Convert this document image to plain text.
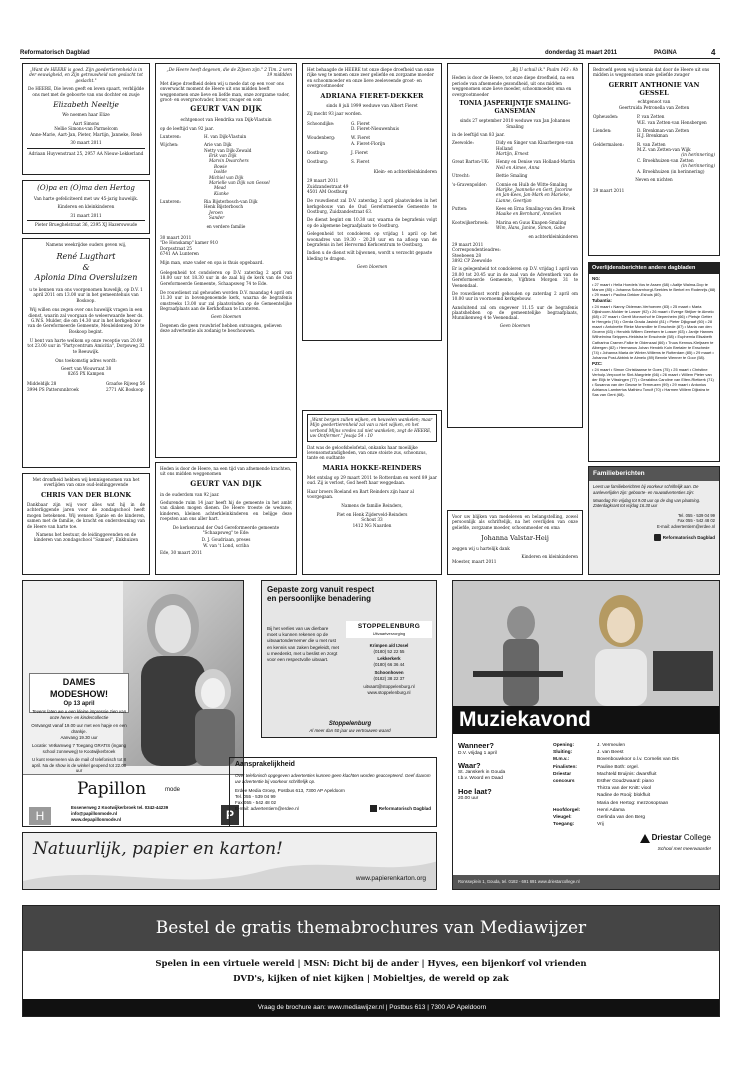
Reformatorisch Dagblad	donderdag 31 maart 2011	PAGINA	4
„Want de HEERE is goed. Zijn goedertierenheid is in der eeuwigheid, en Zijn getrouwheid van geslacht tot geslacht."
De HEERE, Die leven geeft en leven spaart, verblijdde ons met met de geboorte van ons dochter en zusje
Elizabeth Neeltje
We noemen haar Elize
Aart Simons
Nellie Simons-van Parmelcom
Anne-Marie, Aart-Jan, Pieter, Martijn, Janneke, René
30 maart 2011
Adriaan Huyvenstraat 25, 2957 AA Nieuw-Lekkerland
(O)pa en (O)ma den Hertog
Van harte gefeliciteerd met uw 45-jarig huwelijk.
Kinderen en kleinkinderen
31 maart 2011
Pieter Brueghelstraat 36, 2395 XJ Hazerswoude
Namens weekrijdse ouders geven wij,
René Lugthart
&
Aplonia Dina Oversluizen
u te kennen van ons voorgenomen huwelijk, op D.V. 1 april 2011 om 13.00 uur in het gemeentehuis van Boskoop.
Wij willen ons zegen over ons huwelijk vragen in een dienst, waarin zal voorgaan de weleerwaarde heer ds. G.W.S. Mulder, die om 14.30 uur in het kerkgebouw van de Gereformeerde Gemeente, Meuleldenweg 30 te Boskoop begint.
U bent van harte welkom op onze receptie van 20.00 tot 23.00 uur in "Partycentrum Amicitia", Dorpsweg 32 te Reeuwijk.
Ons toekomstig adres wordt:
Geert van Wouwraat 38
8265 PX Kampen
Middeldijk 28
3994 PS Pattersnnbroek
Graafse Rijweg 56
2771 AK Boskoop
Met dronfheid hebben wij kennisgenomen van het overlijden van onze oud-leidinggevende
CHRIS VAN DER BLONK
Dankbaar zijn wij voor alles wat hij in de achterliggende jaren voor de zondagschool heeft mogen betekenen. Wij wensen Sjanie en de kinderen, samen met de familie, de kracht en ondersteuning van de Heere van harte toe.
Namens het bestuur, de leidinggevenden en de kinderen van zondagschool "Samuel", Enkhuizen
„De Heere heeft degeven, die de Zijnen zijn." 2 Tim. 2 vers 19 middden
Met diepe droefheid delen wij u mede dat op een voor ons onverwacht moment de Heere uit ons midden heeft weggenomen onze lieve en liefde man, onze zorgzame vader, groot- en overgrootvader, broer, zwager en oom
GEURT VAN DIJK
echtgenoot van Hendrika van Dijk-Vlastuin
op de leeftijd van 92 jaar.
Lunteren:	H. van Dijk-Vlastuin
Wijchen:	Arie van Dijk
Netty van Dijk-Zewald
Erik van Dijk
Marvin Dwarchers
Bowie
Isolde
Michiel van Dijk
Marielle van Dijk van Gessel
Mead
Kianke
Lunteren:	Ria Bijsterbosch-van Dijk
Henk Bijsterbosch
Jeroen
Sander
en verdere familie
30 maart 2011
"De Honskamp" kamer 910
Dorpsstraat 25
6741 AA Lunteren
Mijn man, onze vader en opa is thuis opgebaard.
Gelegenheid tot condoleren op D.V. zaterdag 2 april van 18.00 uur tot 18.30 uur in de zaal bij de kerk van de Oud Gereformeerde Gemeente, Schaapsweg 74 te Ede.
De rouwdienst zal gehouden worden D.V. maandag 4 april om 11.30 uur in bovengenoemde kerk, waarna de begrafenis omstreeks 13.00 uur zal plaatsvinden op de Gemeentelijke Begraafplaats aan de Kerkhoflaan te Lunteren.
Geen bloemen
Degenen die geen rouwbrief hebben ontvangen, gelieven deze advertentie als zodanig te beschouwen.
Heden is door de Heere, na een tijd van afnemende krachten, uit ons midden weggenomen
GEURT VAN DIJK
in de ouderdom van 92 jaar.
Gedurende ruim 14 jaar heeft hij de gemeente in het ambt van diaken mogen dienen. De Heere troeste de weduwe, kinderen, kleinen achterkleinkinderen en belijge deze roepsten aan ons aller hart.
De kerkenraad der Oud Gereformeerde gemeente "Schaapsweg" te Ede:
D. J. Goudriaan, preses
W. van 't Lond, scriba
Ede, 30 maart 2011
Het behaagde de HEERE tot onze diepe droefheid van onze rijke weg te nemen onze zeer geliefde en zorgzame moeder en schoonmoeder en onze lieve zeeleveende groot- en overgrootmoeder
ADRIANA FIERET-DEKKER
sinds 8 juli 1999 weduwe van Albert Fieret
Zij mocht 93 jaar worden.
Schoondijke:	G. Fieret
D. Fieret-Nieuwenhuis
Woudenberg:	W. Fieret
A. Fieret-Florijn
Oostburg:	J. Fieret
Oostburg:	S. Fieret
Klein- en achterkleinkinderen
29 maart 2011
Zuidzandestraat 49
4501 AM Oostburg
De rouwdienst zal D.V. zaterdag 2 april plaatsvinden in het kerkgebouw van de Oud Gereformeerde Gemeente te Oostburg, Zuidzandestraat 63.
De dienst begint om 10.30 uur, waarna de begrafenis volgt op de algemene begraafplaats te Oostburg.
Gelegenheid tot condoleren op vrijdag 1 april op het woonadres van 19.30 - 20.20 uur en na afloop van de begrafenis in het Hervormd Kerkcentrum te Oostburg.
Indien u de dienst wilt bijwonen, wordt u verzocht gepaste kleding te dragen.
Geen bloemen
„Want bergen zullen wijken, en heuvelen wankelen; maar Mijn goedertierenheid zal van u niet wijken, en het verbond Mijns vredes zal niet wankelen, zegt de HEERE, uw Ontfermer." Jesaja 54 : 10
Dat was de geloofsbelofetal, onkanks haar moeilijke levensomstandigheden, van onze stoiste zus, schoonzus, tante en oudtante
MARIA HOKKE-REINDERS
Met ontslag op 29 maart 2011 te Rotterdam en werd 89 jaar oud. Zij is verlost, God heeft haar weggedaan.
Haar broers Roeland en Bart Reinders zijn haar al voorgegaan.
Namens de familie Reinders,
Piet en Henk Zijderveld-Reinders
Schout 33
1412 NG Naarden
„Bij U schuil ik." Psalm 143 : 9b
Heden is door de Heere, tot onze diepe droefheid, na een periode van afnemende gezondheid, uit ons midden weggenomen onze lieve moeder, schoonmoeder, oma en overgrootmoeder
TONIA JASPERIJNTJE SMALING-GANSEMAN
sinds 27 september 2010 weduwe van Jan Johannes Smaling
in de leeftijd van 83 jaar.
Zeewolde:	Didy en Singer van Klaarbergen-van Holland
Martijn, Ernest
Great Barton-UK:	Henny en Denise van Holland-Martin
Neil en Aimee, Anna
Utrecht:	Bettie Smaling
's-Gravenpolder:	Connie en Huib de Witte-Smaling
Marijke, Joannelie en Gert, Jacorine en Jan-Kees, Jan-Mark en Marieke, Lianne, Geertjan
Putten:	Kees en Erna Smaling-van den Broek
Maaike en Bernhard, Annelien
Kootwijkerbroek:	Marina en Guus Knapen-Smaling
Wim, Hans, Janine, Simon, Gabe
en achterkleinkinderen
29 maart 2011
Correspondentieadres:
Steebeeen 28
3892 CP Zeewolde
Er is gelegenheid tot condoleren op D.V. vrijdag 1 april van 20.00 tot 20.45 uur in de zaal van de Adventkerk van de Gereformeerde Gemeente, Vijfhten Morgen 31 te Veenendaal.
De rouwdienst wordt gehouden op zaterdag 2 april om 10.00 uur in voornoemd kerkgebouw.
Aansluitend zal om ongeveer 11.15 uur de begrafenis plaatshebben op de gemeentelijke begraafplaats, Munnikenweg 4 te Veenendaal.
Geen bloemen
Voor uw blijken van medeleven en belangstelling, zowel persoonlijk als schriftelijk, na het overlijden van onze geliefde, zorgzame moeder, schoonmoeder en oma
Johanna Valstar-Heij
zeggen wij u hartelijk dank
Kinderen en kleinkinderen
Moester, maart 2011
Bedroefd geven wij u kennis dat door de Heere uit ons midden is weggenomen onze geliefde zwager
GERRIT ANTHONIE VAN GESSEL
echtgenoot van
Geertruida Petronella van Zetten
Opheusden:	P. van Zetten
W.E. van Zetten-van Hensbergen
Lienden:	D. Brenkman-van Zetten
H.J. Brenkman
Geldermalsen:	R. van Zetten
M.Z. van Zetten-van Wijk
(in herinnering)
C. Broekhuizen-van Zetten
(in herinnering)
A. Broekhuizen (in herinnering)
Neven en nichten
29 maart 2011
Overlijdensberichten andere dagbladen
NG:
• 27 maart • Helia Hoedels Vos te Assen (68) • Aaltje Walma-Dop te Marum (85) • Johanna Scharnhorgt-Seekles te Berkel en Rodenrijs (88) • 29 maart • Paulina Dekker-Eshuis (80).
Tubantia:
• 24 maart • Nanny Oldeman-Verhoeven (83) • 25 maart • Maria Dijkshoorn-Molder te Losser (92) • 26 maart • Everge Strijker te Almelo (68) • 27 maart • Gerrit Monrunhof te Diepenheim (66) • Pietsje Getter te Hengelo (74) • Gerda Grada Jasinki (81) • Pieter Dijkgraaf (60) • 28 maart • Antoinette Rieke Morsmilier te Enschede (87) • Maria van den Groenn (63) • Hendrik Willem Geertsen te Losser (63) • Jantje Hannes Wilhelmina Seippers-Heldstra te Enschede (58) • Euphemia Elisabeth Catharina Cramer-Falke te Oldenzaal (66) • Truus Kennus-Kleijssen te Albergen (82) • Hermanus Johan Hendrik Kuin Bretaler te Enschede (74) • Johanna Maria de Winter-Willems te Rotterdam (85) • 29 maart • Johanna Post-Abbink te Almelo (89) Bennie Wenner te Goor (58).
PZC:
• 24 maart • Simon Christiaanse te Goes (75) • 25 maart • Christine Verholp-Verpoort te Sint-Margriete (66) • 26 maart • Willem Pieter van der Elijk te Vlissingen (77) • Geraldina Caroline van Elten-Rietkerk (71) • Susanna van der Geuwe te Terneuzen (99) • 29 maart • Antonius Adrianus Lambertus Mathieu Toncif (70) • Harmen Willem Dijkstra te Sas van Gent (68).
Familieberichten
Leest uw familieberichten bij voorkeur schriftelijk aan. De aanleverlijden zijn: geboorte- en rouwadvertenties zijn:
Maandag t/m vrijdag tot 9.00 uur op de dag van plaatsing. Zaterdagkrant tot vrijdag 16.30 uur
Tel. 055 - 539 04 99
Fax 055 - 542 48 02
E-mail: advertentiern@erdee.nl
Reformatorisch Dagblad
DAMES MODESHOW!
Op 13 april
Tevens laten we u een kleine impressie zien van onze heren- en kindercollectie
Ontvangst vanaf 19.00 uur met een hapje en een drankje.
Aanvang 19.30 uur
Locatie: Vetkamweg 7 Toegang GRATIS (ingang school zonneweg) te Kootwijkerbroek
U kunt reserveren via de mail of telefonisch tot 8 april. Na de show is de winkel geopend tot 22.00 uur
Papillon	mode
H
Essenerweg 2 Kootwijkerbroek tel. 0342-44239
info@papillonmode.nl
www.depapillonmode.nl	P
Gepaste zorg vanuit respect en persoonlijke benadering
Bij het verlies van uw dierbare moet u kunnen rekenen op de uitvaartondernemer die u met rust en kennis van zaken begeleidt, met u meedenkt, met u beslist en zorgt voor een respectvolle uitvaart.
STOPPELENBURG
Uitvaartverzorging
Krimpen a/d IJssel
(0180) 52 22 55
Lekkerkerk
(0180) 66 36 44
Schoonhoven
(0182) 38 22 37
uitvaart@stoppelenburg.nl
www.stoppelenburg.nl
Stoppelenburg
Al meer dan 50 jaar uw vertrouwen waard
Aansprakelijkheid
Over telefonisch opgegeven advertenties kunnen geen klachten worden geaccepteerd. Geef daarom uw advertentie bij voorkeur schriftelijk op.
Erdee Media Groep, Postbus 613, 7300 AP Apeldoorn
Tel. 055 - 539 04 99
Fax 055 - 542 48 02
E-mail: advertentiern@erdee.nl	Reformatorisch Dagblad
Muziekavond
Wanneer?
D.V. vrijdag 1 april
Waar?
St. Janskerk in Gouda
t.b.v. Woord en Daad
Hoe laat?
20.00 uur
Opening:	J. Vermeulen
Sluiting:	J. van Beest
M.m.v.:	Bovenbouwkoor o.l.v. Cornelis van Dis
Finalisten:	Pauline Both: orgel.
Driestar	Machteld Bruijnis: dwarsfluit
concours	Esther Goudzwaard: piano
Thirza van der Knitt: viool
Nadine de Rooij: blokfluit
Maria den Hertog: mezzosopraan
Hoofdorgel:	Henri Adama
Vleugel:	Gerlinda van den Berg
Toegang:	Vrij
Driestar College
School met meerwaarde!
Ronsseplein 1, Gouda, tel. 0182 - 691 691 www.driestarcollege.nl
Natuurlijk, papier en karton!
www.papierenkarton.org
Bestel de gratis themabrochures van Mediawijzer
Spelen in een virtuele wereld | MSN: Dicht bij de ander | Hyves, een bijenkorf vol vrienden
DVD's, kijken of niet kijken | Mobieltjes, de wereld op zak
Vraag de brochure aan: www.mediawijzer.nl | Postbus 613 | 7300 AP Apeldoorn
